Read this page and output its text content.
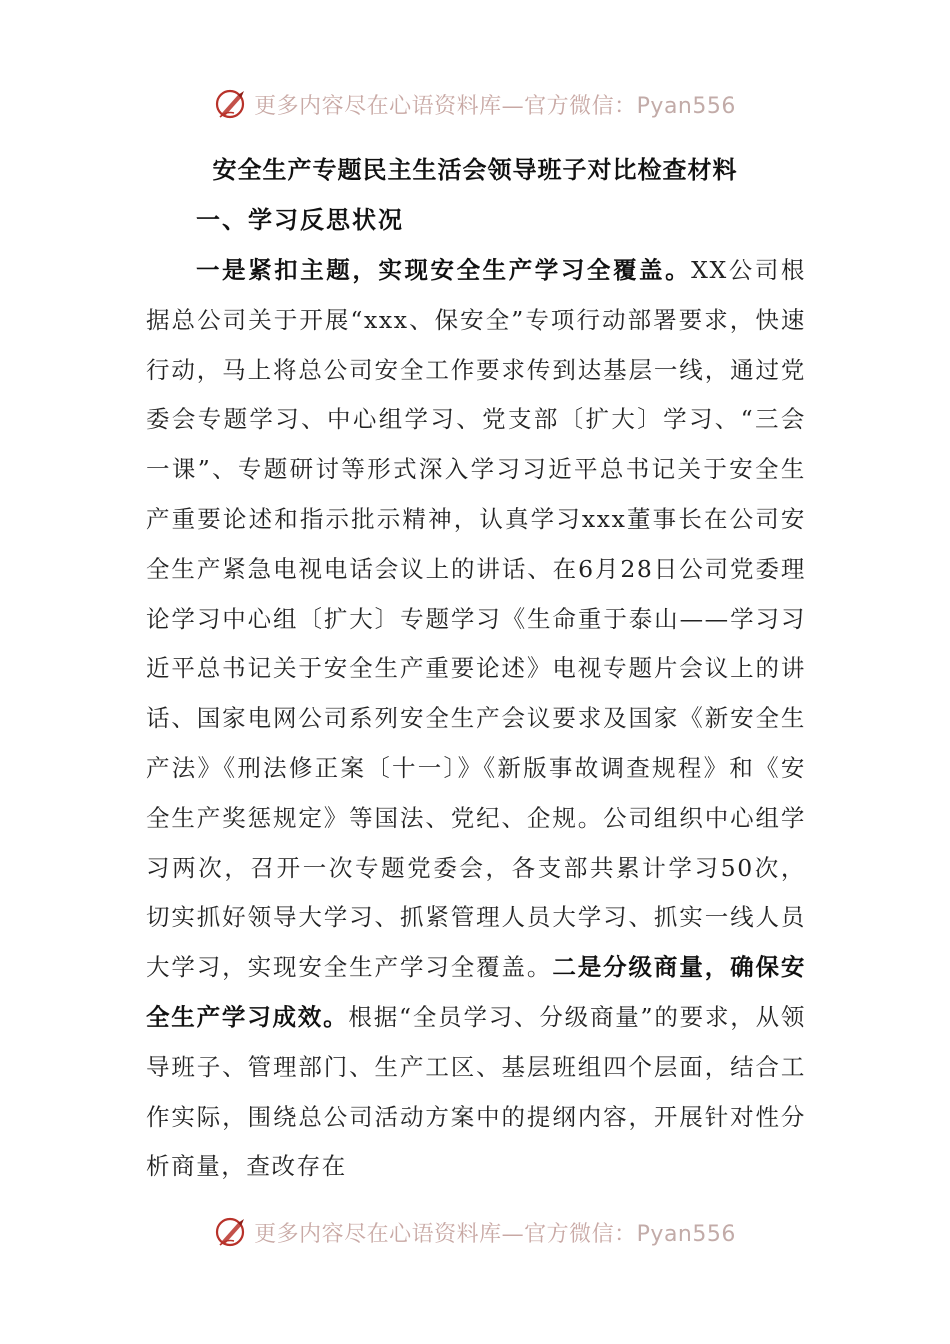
更多内容尽在心语资料库—官方微信：Pyan556
安全生产专题民主生活会领导班子对比检查材料
一、学习反思状况
一是紧扣主题，实现安全生产学习全覆盖。XX公司根据总公司关于开展“xxx、保安全”专项行动部署要求，快速行动，马上将总公司安全工作要求传到达基层一线，通过党委会专题学习、中心组学习、党支部〔扩大〕学习、“三会一课”、专题研讨等形式深入学习习近平总书记关于安全生产重要论述和指示批示精神，认真学习xxx董事长在公司安全生产紧急电视电话会议上的讲话、在6月28日公司党委理论学习中心组〔扩大〕专题学习《生命重于泰山——学习习近平总书记关于安全生产重要论述》电视专题片会议上的讲话、国家电网公司系列安全生产会议要求及国家《新安全生产法》《刑法修正案〔十一〕》《新版事故调查规程》和《安全生产奖惩规定》等国法、党纪、企规。公司组织中心组学习两次，召开一次专题党委会，各支部共累计学习50次，切实抓好领导大学习、抓紧管理人员大学习、抓实一线人员大学习，实现安全生产学习全覆盖。二是分级商量，确保安全生产学习成效。根据“全员学习、分级商量”的要求，从领导班子、管理部门、生产工区、基层班组四个层面，结合工作实际，围绕总公司活动方案中的提纲内容，开展针对性分析商量，查改存在
更多内容尽在心语资料库—官方微信：Pyan556
